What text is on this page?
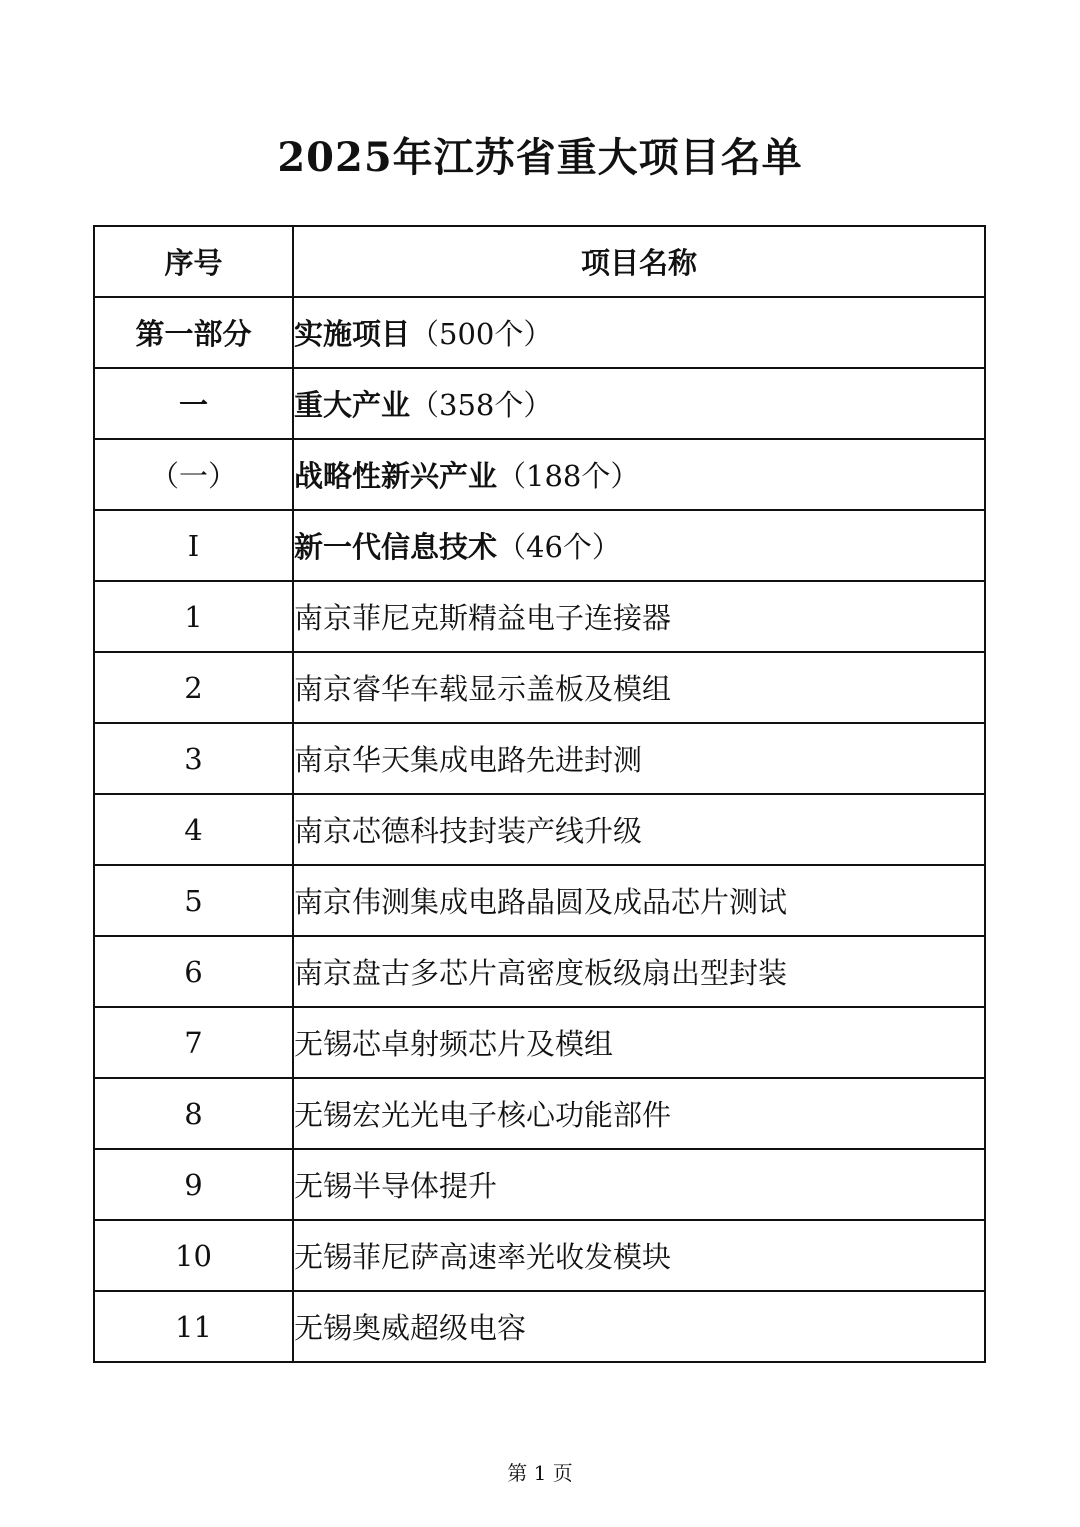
2025年江苏省重大项目名单
序号	项目名称
第一部分	实施项目（500个）
一	重大产业（358个）
（一）	战略性新兴产业（188个）
Ⅰ	新一代信息技术（46个）
1	南京菲尼克斯精益电子连接器
2	南京睿华车载显示盖板及模组
3	南京华天集成电路先进封测
4	南京芯德科技封装产线升级
5	南京伟测集成电路晶圆及成品芯片测试
6	南京盘古多芯片高密度板级扇出型封装
7	无锡芯卓射频芯片及模组
8	无锡宏光光电子核心功能部件
9	无锡半导体提升
10	无锡菲尼萨高速率光收发模块
11	无锡奥威超级电容
第 1 页
